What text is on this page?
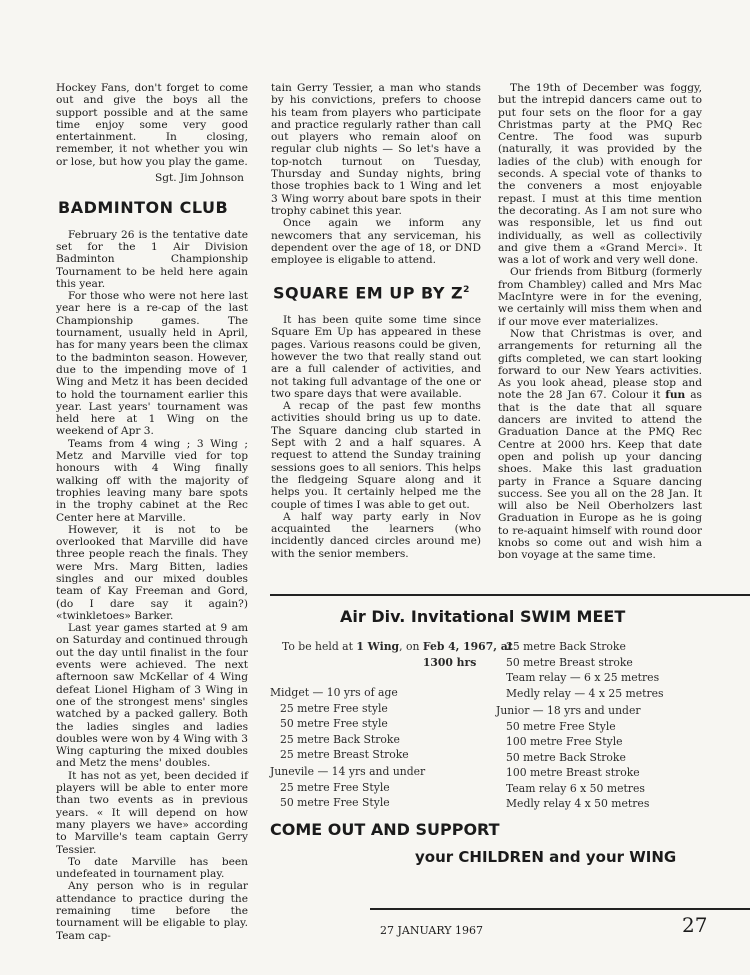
Hockey Fans, don't forget to come out and give the boys all the support possible and at the same time enjoy some very good entertainment. In closing, remember, it not whether you win or lose, but how you play the game.

Sgt. Jim Johnson
BADMINTON CLUB

February 26 is the tentative date set for the 1 Air Division Badminton Championship Tournament to be held here again this year.

For those who were not here last year here is a re-cap of the last Championship games. The tournament, usually held in April, has for many years been the climax to the badminton season. However, due to the impending move of 1 Wing and Metz it has been decided to hold the tournament earlier this year. Last years' tournament was held here at 1 Wing on the weekend of Apr 3.

Teams from 4 wing ; 3 Wing ; Metz and Marville vied for top honours with 4 Wing finally walking off with the majority of trophies leaving many bare spots in the trophy cabinet at the Rec Center here at Marville.

However, it is not to be overlooked that Marville did have three people reach the finals. They were Mrs. Marg Bitten, ladies singles and our mixed doubles team of Kay Freeman and Gord, (do I dare say it again?) «twinkletoes» Barker.

Last year games started at 9 am on Saturday and continued through out the day until finalist in the four events were achieved. The next afternoon saw McKellar of 4 Wing defeat Lionel Higham of 3 Wing in one of the strongest mens' singles watched by a packed gallery. Both the ladies singles and ladies doubles were won by 4 Wing with 3 Wing capturing the mixed doubles and Metz the mens' doubles.

It has not as yet, been decided if players will be able to enter more than two events as in previous years. « It will depend on how many players we have» according to Marville's team captain Gerry Tessier.

To date Marville has been undefeated in tournament play.

Any person who is in regular attendance to practice during the remaining time before the tournament will be eligable to play. Team cap-

tain Gerry Tessier, a man who stands by his convictions, prefers to choose his team from players who participate and practice regularly rather than call out players who remain aloof on regular club nights — So let's have a top-notch turnout on Tuesday, Thursday and Sunday nights, bring those trophies back to 1 Wing and let 3 Wing worry about bare spots in their trophy cabinet this year.

Once again we inform any newcomers that any serviceman, his dependent over the age of 18, or DND employee is eligable to attend.

SQUARE EM UP BY $Z^2$

It has been quite some time since Square Em Up has appeared in these pages. Various reasons could be given, however the two that really stand out are a full calender of activities, and not taking full advantage of the one or two spare days that were available.

A recap of the past few months activities should bring us up to date. The Square dancing club started in Sept with 2 and a half squares. A request to attend the Sunday training sessions goes to all seniors. This helps the fledgeing Square along and it helps you. It certainly helped me the couple of times I was able to get out.

A half way party early in Nov acquainted the learners (who incidently danced circles around me) with the senior members.

The 19th of December was foggy, but the intrepid dancers came out to put four sets on the floor for a gay Christmas party at the PMQ Rec Centre. The food was supurb (naturally, it was provided by the ladies of the club) with enough for seconds. A special vote of thanks to the conveners a most enjoyable repast. I must at this time mention the decorating. As I am not sure who was responsible, let us find out individually, as well as collectivily and give them a «Grand Merci». It was a lot of work and very well done.

Our friends from Bitburg (formerly from Chambley) called and Mrs Mac MacIntyre were in for the evening, we certainly will miss them when and if our move ever materializes.

Now that Christmas is over, and arrangements for returning all the gifts completed, we can start looking forward to our New Years activities. As you look ahead, please stop and note the 28 Jan 67. Colour it fun as that is the date that all square dancers are invited to attend the Graduation Dance at the PMQ Rec Centre at 2000 hrs. Keep that date open and polish up your dancing shoes. Make this last graduation party in France a Square dancing success. See you all on the 28 Jan. It will also be Neil Oberholzers last Graduation in Europe as he is going to re-aquaint himself with round door knobs so come out and wish him a bon voyage at the same time.

Air Div. Invitational SWIM MEET
To be held at 1 Wing, on Feb 4, 1967, at 1300 hrs
Midget — 10 yrs of age
25 metre Free style
50 metre Free style
25 metre Back Stroke
25 metre Breast Stroke
Junevile — 14 yrs and under
25 metre Free Style
50 metre Free Style
25 metre Back Stroke
50 metre Breast stroke
Team relay — 6 x 25 metres
Medly relay — 4 x 25 metres
Junior — 18 yrs and under
50 metre Free Style
100 metre Free Style
50 metre Back Stroke
100 metre Breast stroke
Team relay 6 x 50 metres
Medly relay 4 x 50 metres
COME OUT AND SUPPORT
your CHILDREN and your WING
27 JANUARY 1967	27
